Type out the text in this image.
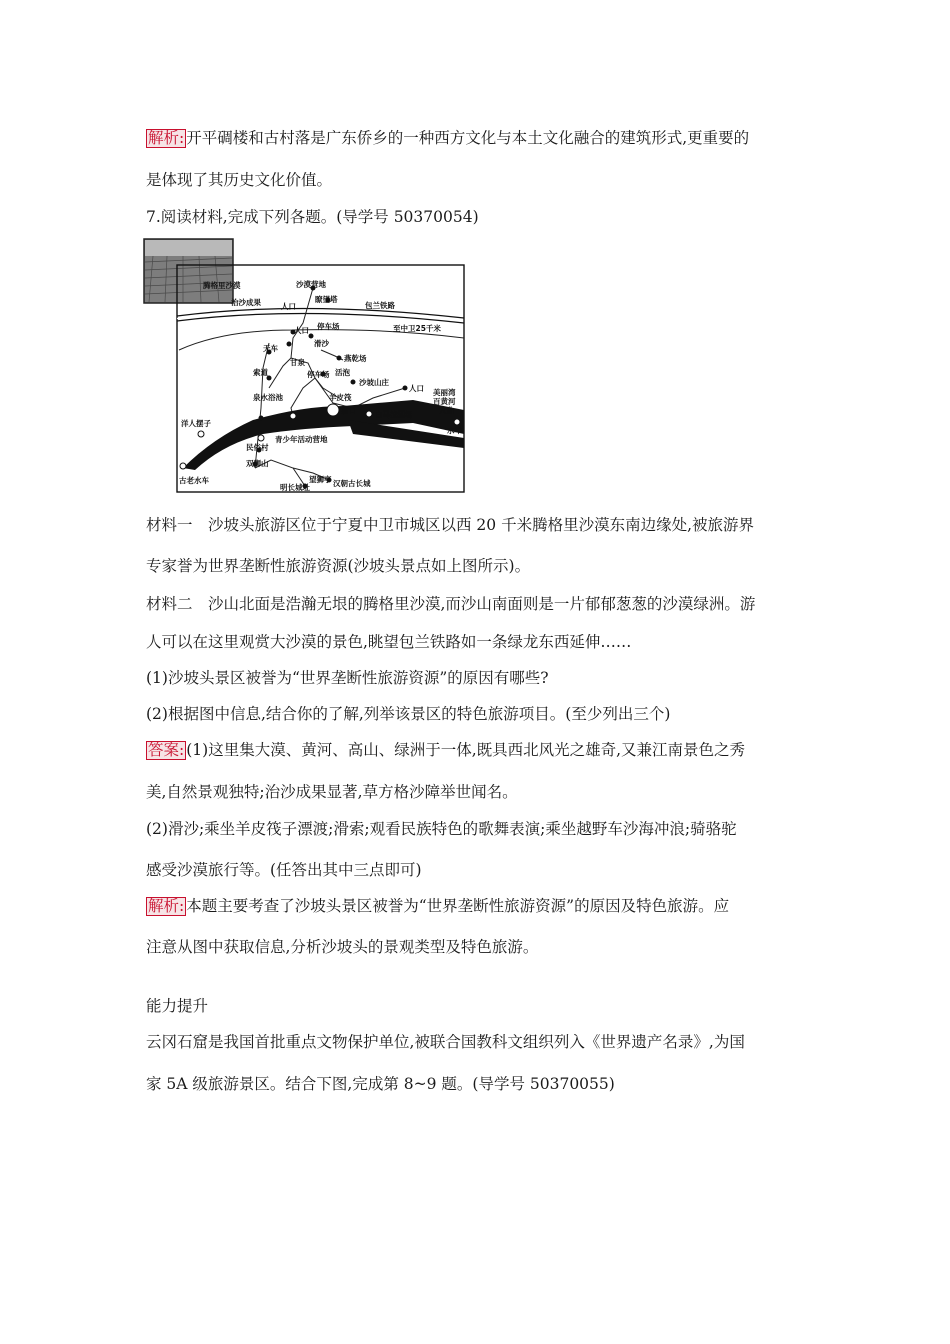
解析: 开平碉楼和古村落是广东侨乡的一种西方文化与本土文化融合的建筑形式,更重要的
是体现了其历史文化价值。
7.阅读材料,完成下列各题。(导学号 50370054)
腾格里沙漠	沙漠营地
瞭望塔
治沙成果	人口	包兰铁路
人口 停车场	至中卫25千米
滑沙
天车
索道
甘泉	燕乾场
停车场 活泡
沙坡山庄
人口 美丽湾
百黄河
九曲
泉水浴池	羊皮筏
渡口	白马拉缰场
洋人摆子
水车
青少年活动营地
民俗村
双狮山
望狮亭 汉朝古长城
明长城址
古老水车
材料一　沙坡头旅游区位于宁夏中卫市城区以西 20 千米腾格里沙漠东南边缘处,被旅游界
专家誉为世界垄断性旅游资源(沙坡头景点如上图所示)。
材料二　沙山北面是浩瀚无垠的腾格里沙漠,而沙山南面则是一片郁郁葱葱的沙漠绿洲。游
人可以在这里观赏大沙漠的景色,眺望包兰铁路如一条绿龙东西延伸……
(1)沙坡头景区被誉为“世界垄断性旅游资源”的原因有哪些?
(2)根据图中信息,结合你的了解,列举该景区的特色旅游项目。(至少列出三个)
答案: (1)这里集大漠、黄河、高山、绿洲于一体,既具西北风光之雄奇,又兼江南景色之秀
美,自然景观独特;治沙成果显著,草方格沙障举世闻名。
(2)滑沙;乘坐羊皮筏子漂渡;滑索;观看民族特色的歌舞表演;乘坐越野车沙海冲浪;骑骆驼
感受沙漠旅行等。(任答出其中三点即可)
解析: 本题主要考查了沙坡头景区被誉为“世界垄断性旅游资源”的原因及特色旅游。应
注意从图中获取信息,分析沙坡头的景观类型及特色旅游。
能力提升
云冈石窟是我国首批重点文物保护单位,被联合国教科文组织列入《世界遗产名录》,为国
家 5A 级旅游景区。结合下图,完成第 8~9 题。(导学号 50370055)
